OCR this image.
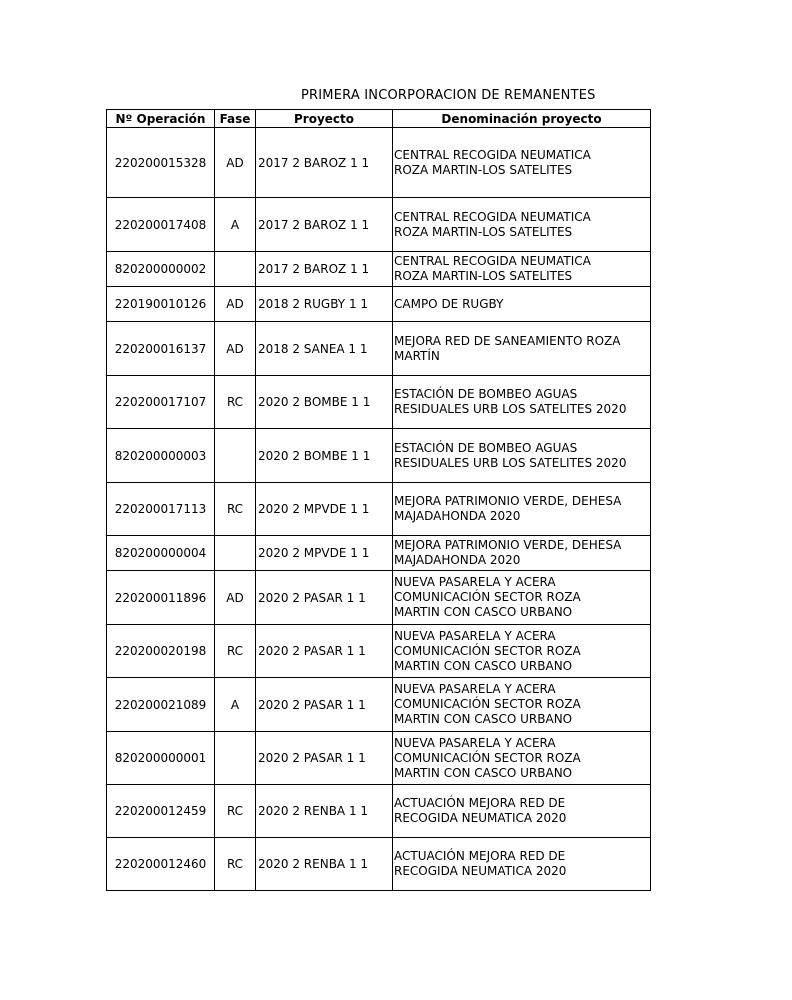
PRIMERA INCORPORACION DE REMANENTES
Nº Operación	Fase	Proyecto	Denominación proyecto
220200015328	AD	2017 2 BAROZ 1 1	CENTRAL RECOGIDA NEUMATICA
ROZA MARTIN-LOS SATELITES
220200017408	A	2017 2 BAROZ 1 1	CENTRAL RECOGIDA NEUMATICA
ROZA MARTIN-LOS SATELITES
820200000002		2017 2 BAROZ 1 1	CENTRAL RECOGIDA NEUMATICA
ROZA MARTIN-LOS SATELITES
220190010126	AD	2018 2 RUGBY 1 1	CAMPO DE RUGBY
220200016137	AD	2018 2 SANEA 1 1	MEJORA RED DE SANEAMIENTO ROZA
MARTÍN
220200017107	RC	2020 2 BOMBE 1 1	ESTACIÓN DE BOMBEO AGUAS
RESIDUALES URB LOS SATELITES 2020
820200000003		2020 2 BOMBE 1 1	ESTACIÓN DE BOMBEO AGUAS
RESIDUALES URB LOS SATELITES 2020
220200017113	RC	2020 2 MPVDE 1 1	MEJORA PATRIMONIO VERDE, DEHESA
MAJADAHONDA 2020
820200000004		2020 2 MPVDE 1 1	MEJORA PATRIMONIO VERDE, DEHESA
MAJADAHONDA 2020
220200011896	AD	2020 2 PASAR 1 1	NUEVA PASARELA Y ACERA
COMUNICACIÓN SECTOR ROZA
MARTIN CON CASCO URBANO
220200020198	RC	2020 2 PASAR 1 1	NUEVA PASARELA Y ACERA
COMUNICACIÓN SECTOR ROZA
MARTIN CON CASCO URBANO
220200021089	A	2020 2 PASAR 1 1	NUEVA PASARELA Y ACERA
COMUNICACIÓN SECTOR ROZA
MARTIN CON CASCO URBANO
820200000001		2020 2 PASAR 1 1	NUEVA PASARELA Y ACERA
COMUNICACIÓN SECTOR ROZA
MARTIN CON CASCO URBANO
220200012459	RC	2020 2 RENBA 1 1	ACTUACIÓN MEJORA RED DE
RECOGIDA NEUMATICA 2020
220200012460	RC	2020 2 RENBA 1 1	ACTUACIÓN MEJORA RED DE
RECOGIDA NEUMATICA 2020
